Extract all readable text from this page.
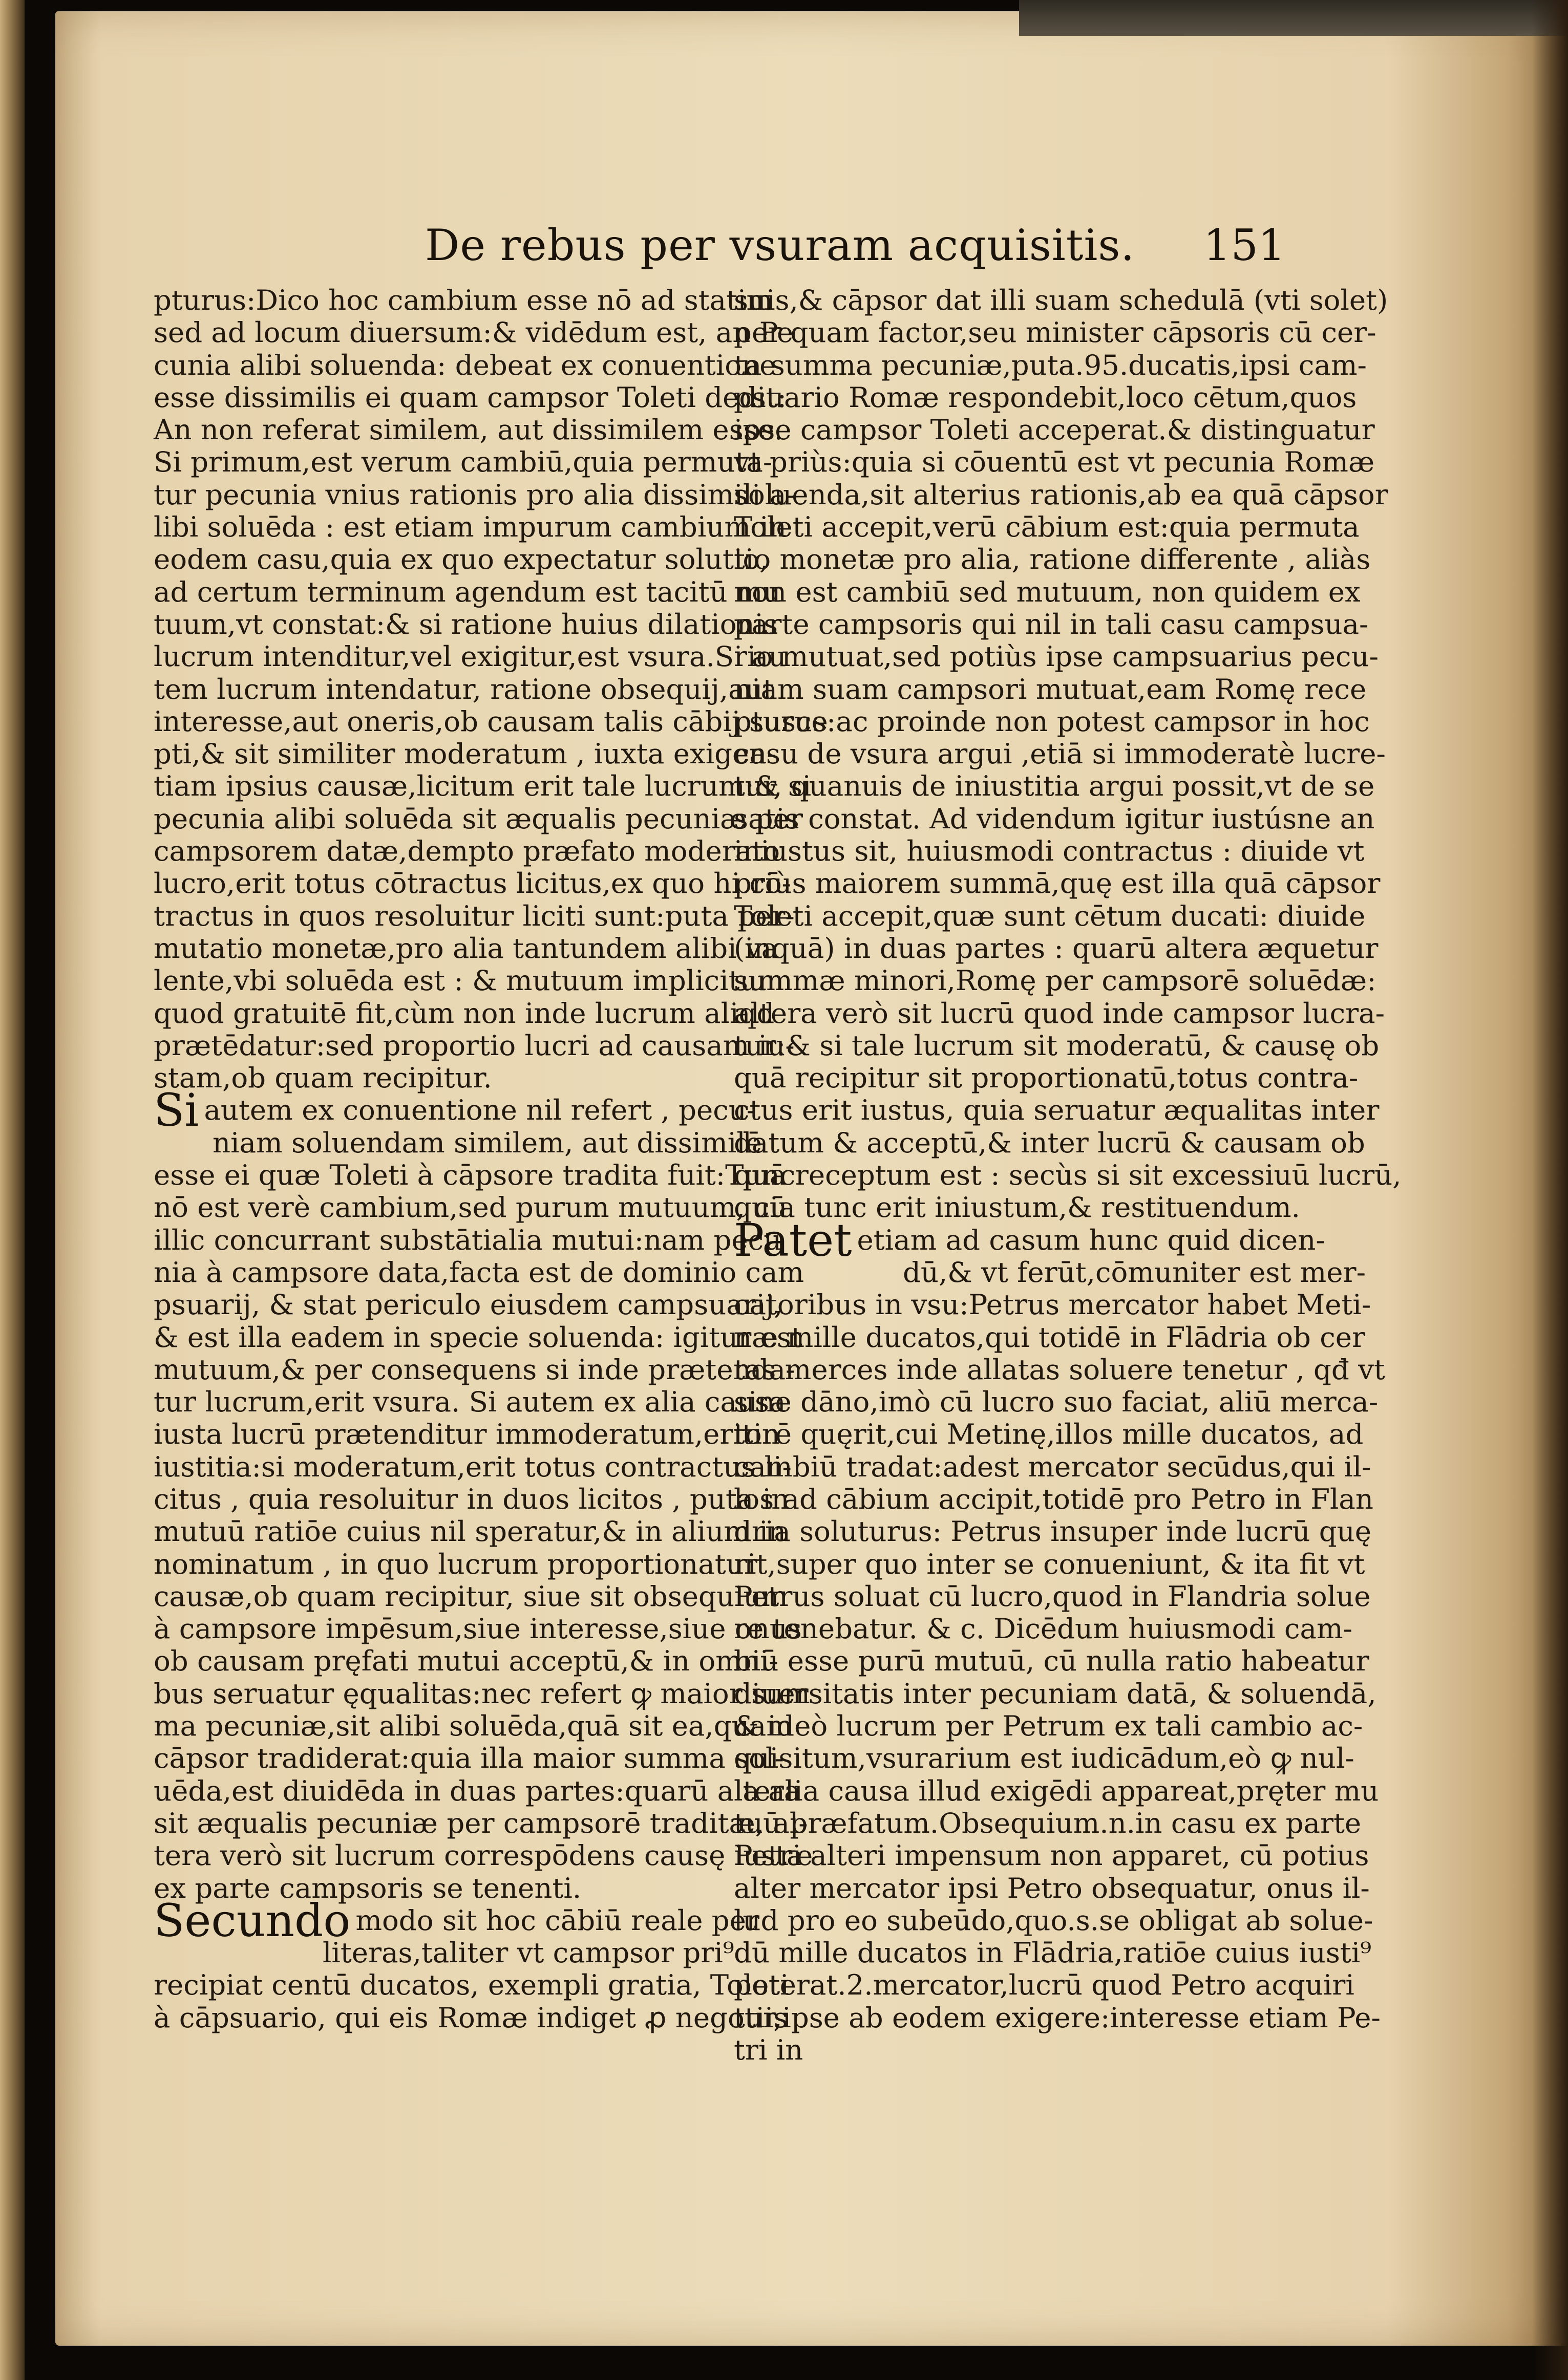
De rebus per vsuram acquisitis.	151
pturus:Dico hoc cambium esse nō ad statim
sed ad locum diuersum:& vidēdum est, an Pe
cunia alibi soluenda: debeat ex conuentione
esse dissimilis ei quam campsor Toleti dedit:
An non referat similem, aut dissimilem esse.
Si primum,est verum cambiū,quia permuta-
tur pecunia vnius rationis pro alia dissimili a-
libi soluēda : est etiam impurum cambium in
eodem casu,quia ex quo expectatur solutio,
ad certum terminum agendum est tacitū mu
tuum,vt constat:& si ratione huius dilationis
lucrum intenditur,vel exigitur,est vsura.Si au
tem lucrum intendatur, ratione obsequij,aut
interesse,aut oneris,ob causam talis cābij susce
pti,& sit similiter moderatum , iuxta exigen-
tiam ipsius causæ,licitum erit tale lucrum:& si
pecunia alibi soluēda sit æqualis pecuniæ per
campsorem datæ,dempto præfato moderato
lucro,erit totus cōtractus licitus,ex quo hi cō-
tractus in quos resoluitur liciti sunt:puta per-
mutatio monetæ,pro alia tantundem alibi va
lente,vbi soluēda est : & mutuum implicitum
quod gratuitē fit,cùm non inde lucrum aliqd
prætēdatur:sed proportio lucri ad causam iu-
stam,ob quam recipitur.
Si autem ex conuentione nil refert , pecu-
niam soluendam similem, aut dissimilē
esse ei quæ Toleti à cāpsore tradita fuit:Tunc
nō est verè cambium,sed purum mutuum, cū
illic concurrant substātialia mutui:nam pecu
nia à campsore data,facta est de dominio cam
psuarij, & stat periculo eiusdem campsuarij,
& est illa eadem in specie soluenda: igitur est
mutuum,& per consequens si inde prætenda-
tur lucrum,erit vsura. Si autem ex alia causa
iusta lucrū prætenditur immoderatum,eritin
iustitia:si moderatum,erit totus contractus li-
citus , quia resoluitur in duos licitos , puta in
mutuū ratiōe cuius nil speratur,& in alium in
nominatum , in quo lucrum proportionatur
causæ,ob quam recipitur, siue sit obsequium
à campsore impēsum,siue interesse,siue onus
ob causam pręfati mutui acceptū,& in omni-
bus seruatur ęqualitas:nec refert ꝙ maior sum
ma pecuniæ,sit alibi soluēda,quā sit ea,quam
cāpsor tradiderat:quia illa maior summa sol-
uēda,est diuidēda in duas partes:quarū altera
sit æqualis pecuniæ per campsorē traditæ, al-
tera verò sit lucrum correspōdens causę iustæ
ex parte campsoris se tenenti.
Secundo modo sit hoc cābiū reale per
literas,taliter vt campsor pri⁹
recipiat centū ducatos, exempli gratia, Toleti
à cāpsuario, qui eis Romæ indiget ꝓ negotiis
suis,& cāpsor dat illi suam schedulā (vti solet)
per quam factor,seu minister cāpsoris cū cer-
ta summa pecuniæ,puta.95.ducatis,ipsi cam-
psuario Romæ respondebit,loco cētum,quos
ipse campsor Toleti acceperat.& distinguatur
vt priùs:quia si cōuentū est vt pecunia Romæ
soluenda,sit alterius rationis,ab ea quā cāpsor
Toleti accepit,verū cābium est:quia permuta
tio monetæ pro alia, ratione differente , aliàs
non est cambiū sed mutuum, non quidem ex
parte campsoris qui nil in tali casu campsua-
rio mutuat,sed potiùs ipse campsuarius pecu-
niam suam campsori mutuat,eam Romę rece
pturus:ac proinde non potest campsor in hoc
casu de vsura argui ,etiā si immoderatè lucre-
tur, quanuis de iniustitia argui possit,vt de se
satis constat. Ad videndum igitur iustúsne an
iniustus sit, huiusmodi contractus : diuide vt
priùs maiorem summā,quę est illa quā cāpsor
Toleti accepit,quæ sunt cētum ducati: diuide
(inquā) in duas partes : quarū altera æquetur
summæ minori,Romę per campsorē soluēdæ:
altera verò sit lucrū quod inde campsor lucra-
tur:& si tale lucrum sit moderatū, & causę ob
quā recipitur sit proportionatū,totus contra-
ctus erit iustus, quia seruatur æqualitas inter
datum & acceptū,& inter lucrū & causam ob
quā receptum est : secùs si sit excessiuū lucrū,
quia tunc erit iniustum,& restituendum.
Patet etiam ad casum hunc quid dicen-
dū,& vt ferūt,cōmuniter est mer-
catoribus in vsu:Petrus mercator habet Meti-
næ mille ducatos,qui totidē in Flādria ob cer
tas merces inde allatas soluere tenetur , qđ vt
sine dāno,imò cū lucro suo faciat, aliū merca-
torē quęrit,cui Metinę,illos mille ducatos, ad
cambiū tradat:adest mercator secūdus,qui il-
los ad cābium accipit,totidē pro Petro in Flan
dria soluturus: Petrus insuper inde lucrū quę
rit,super quo inter se conueniunt, & ita fit vt
Petrus soluat cū lucro,quod in Flandria solue
re tenebatur. & c. Dicēdum huiusmodi cam-
biū esse purū mutuū, cū nulla ratio habeatur
diuersitatis inter pecuniam datā, & soluendā,
& ideò lucrum per Petrum ex tali cambio ac-
quisitum,vsurarium est iudicādum,eò ꝙ nul-
la alia causa illud exigēdi appareat,pręter mu
tuū præfatum.Obsequium.n.in casu ex parte
Petri alteri impensum non apparet, cū potius
alter mercator ipsi Petro obsequatur, onus il-
lud pro eo subeūdo,quo.s.se obligat ab solue-
dū mille ducatos in Flādria,ratiōe cuius iusti⁹
poterat.2.mercator,lucrū quod Petro acquiri
tur,ipse ab eodem exigere:interesse etiam Pe-
tri in
